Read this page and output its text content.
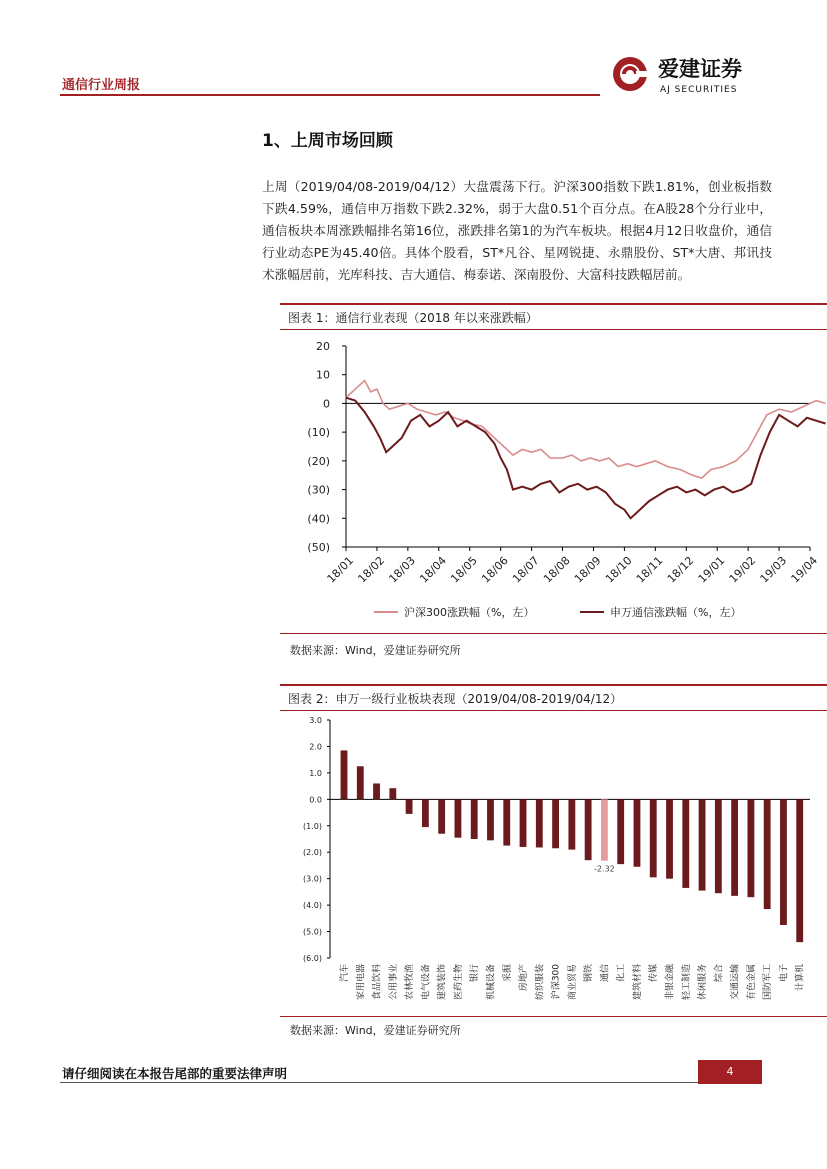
通信行业周报
爱建证券
AJ SECURITIES
1、上周市场回顾
上周（2019/04/08-2019/04/12）大盘震荡下行。沪深300指数下跌1.81%，创业板指数下跌4.59%，通信申万指数下跌2.32%，弱于大盘0.51个百分点。在A股28个分行业中，通信板块本周涨跌幅排名第16位，涨跌排名第1的为汽车板块。根据4月12日收盘价，通信行业动态PE为45.40倍。具体个股看，ST*凡谷、星网锐捷、永鼎股份、ST*大唐、邦讯技术涨幅居前，光库科技、吉大通信、梅泰诺、深南股份、大富科技跌幅居前。
图表 1：通信行业表现（2018 年以来涨跌幅）
20
10
0
(10)
(20)
(30)
(40)
(50)
18/01 18/02 18/03 18/04 18/05 18/06 18/07 18/08 18/09 18/10 18/11 18/12 19/01 19/02 19/03 19/04
沪深300涨跌幅（%，左）	申万通信涨跌幅（%，左）
数据来源：Wind，爱建证券研究所
图表 2：申万一级行业板块表现（2019/04/08-2019/04/12）
3.0
2.0
1.0
0.0
(1.0)
(2.0)
(3.0)
(4.0)
(5.0)
(6.0)
汽车 家用电器 食品饮料 公用事业 农林牧渔 电气设备 建筑装饰 医药生物 银行 机械设备 采掘 房地产 纺织服装 沪深300 商业贸易 钢铁
-2.32
通信 化工 建筑材料 传媒 非银金融 轻工制造 休闲服务 综合 交通运输 有色金属 国防军工 电子 计算机
数据来源：Wind，爱建证券研究所
请仔细阅读在本报告尾部的重要法律声明	4
